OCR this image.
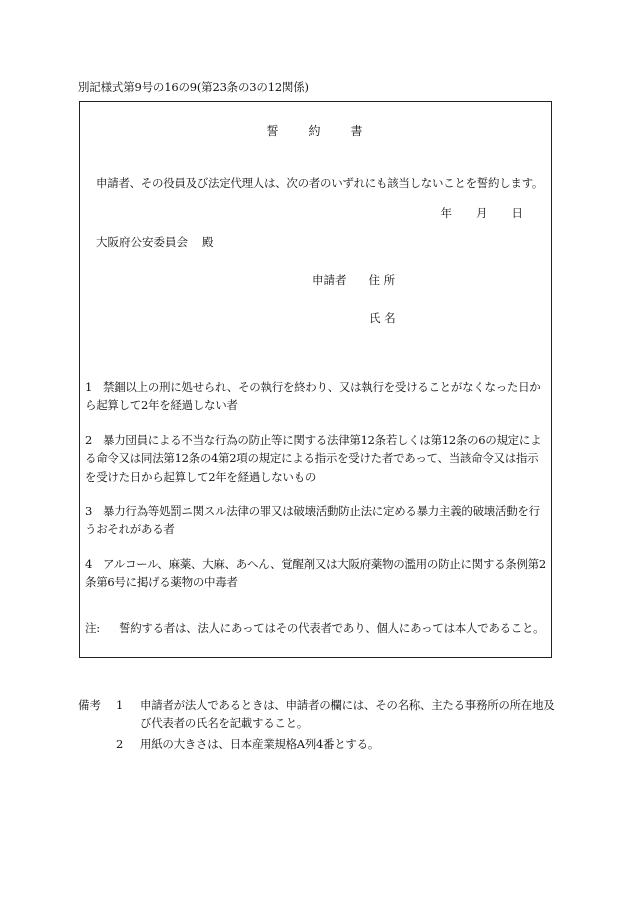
別記様式第9号の16の9(第23条の3の12関係)
誓 約 書
申請者、その役員及び法定代理人は、次の者のいずれにも該当しないことを誓約します。
年 月 日
大阪府公安委員会 殿
申請者 住 所
氏 名
1 禁錮以上の刑に処せられ、その執行を終わり、又は執行を受けることがなくなった日から起算して2年を経過しない者
2 暴力団員による不当な行為の防止等に関する法律第12条若しくは第12条の6の規定による命令又は同法第12条の4第2項の規定による指示を受けた者であって、当該命令又は指示を受けた日から起算して2年を経過しないもの
3 暴力行為等処罰ニ関スル法律の罪又は破壊活動防止法に定める暴力主義的破壊活動を行うおそれがある者
4 アルコール、麻薬、大麻、あへん、覚醒剤又は大阪府薬物の濫用の防止に関する条例第2条第6号に掲げる薬物の中毒者
注: 誓約する者は、法人にあってはその代表者であり、個人にあっては本人であること。
備考 1 申請者が法人であるときは、申請者の欄には、その名称、主たる事務所の所在地及び代表者の氏名を記載すること。
2 用紙の大きさは、日本産業規格A列4番とする。
